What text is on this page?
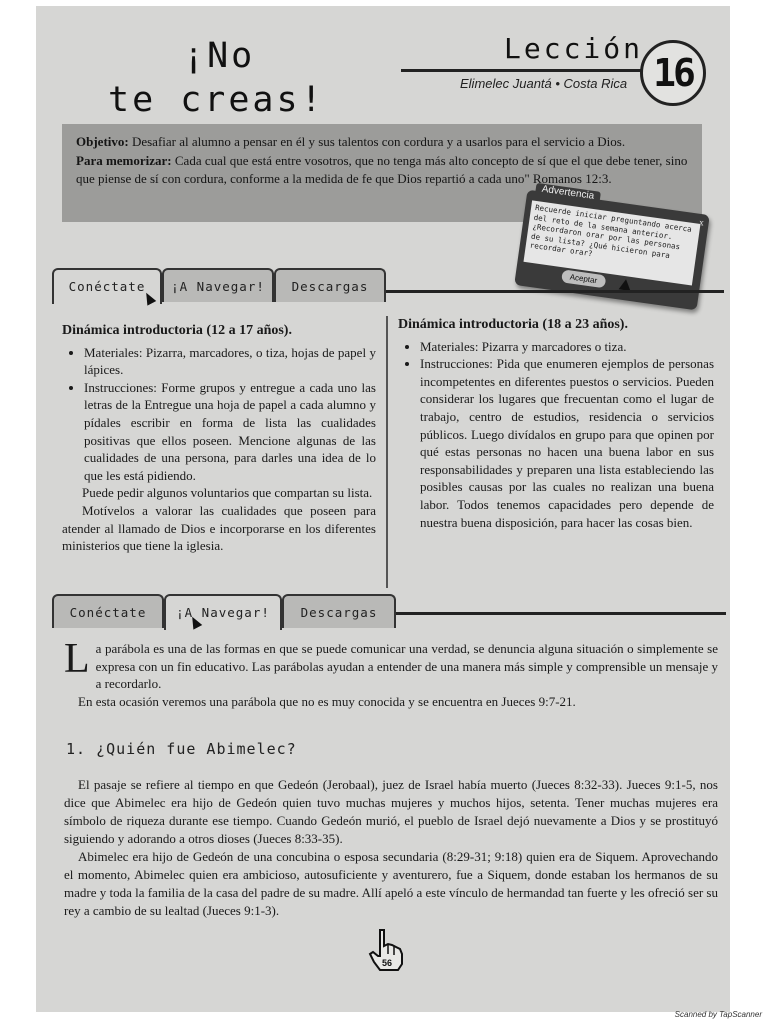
¡No
te creas!
Lección
Elimelec Juantá • Costa Rica 16
Objetivo: Desafiar al alumno a pensar en él y sus talentos con cordura y a usarlos para el servicio a Dios.
Para memorizar: Cada cual que está entre vosotros, que no tenga más alto concepto de sí que el que debe tener, sino que piense de sí con cordura, conforme a la medida de fe que Dios repartió a cada uno" Romanos 12:3.
Advertencia
x
Recuerde iniciar preguntando acerca del reto de la semana anterior. ¿Recordaron orar por las personas de su lista? ¿Qué hicieron para recordar orar?
Aceptar
Conéctate	¡A Navegar!	Descargas
Dinámica introductoria (12 a 17 años).
• Materiales: Pizarra, marcadores, o tiza, hojas de papel y lápices.
• Instrucciones: Forme grupos y entregue a cada uno las letras de la Entregue una hoja de papel a cada alumno y pídales escribir en forma de lista las cualidades positivas que ellos poseen. Mencione algunas de las cualidades de una persona, para darles una idea de lo que les está pidiendo.

Puede pedir algunos voluntarios que compartan su lista.

Motívelos a valorar las cualidades que poseen para atender al llamado de Dios e incorporarse en los diferentes ministerios que tiene la iglesia.

Dinámica introductoria (18 a 23 años).
• Materiales: Pizarra y marcadores o tiza.
• Instrucciones: Pida que enumeren ejemplos de personas incompetentes en diferentes puestos o servicios. Pueden considerar los lugares que frecuentan como el lugar de trabajo, centro de estudios, residencia o servicios públicos. Luego divídalos en grupo para que opinen por qué estas personas no hacen una buena labor en sus responsabilidades y preparen una lista estableciendo las posibles causas por las cuales no realizan una buena labor. Todos tenemos capacidades pero depende de nuestra buena disposición, para hacer las cosas bien.
Conéctate	¡A Navegar!	Descargas

La parábola es una de las formas en que se puede comunicar una verdad, se denuncia alguna situación o simplemente se expresa con un fin educativo. Las parábolas ayudan a entender de una manera más simple y comprensible un mensaje y a recordarlo.

En esta ocasión veremos una parábola que no es muy conocida y se encuentra en Jueces 9:7-21.

1. ¿Quién fue Abimelec?

El pasaje se refiere al tiempo en que Gedeón (Jerobaal), juez de Israel había muerto (Jueces 8:32-33). Jueces 9:1-5, nos dice que Abimelec era hijo de Gedeón quien tuvo muchas mujeres y muchos hijos, setenta. Tener muchas mujeres era símbolo de riqueza durante ese tiempo. Cuando Gedeón murió, el pueblo de Israel dejó nuevamente a Dios y se prostituyó siguiendo y adorando a otros dioses (Jueces 8:33-35).

Abimelec era hijo de Gedeón de una concubina o esposa secundaria (8:29-31; 9:18) quien era de Siquem. Aprovechando el momento, Abimelec quien era ambicioso, autosuficiente y aventurero, fue a Siquem, donde estaban los hermanos de su madre y toda la familia de la casa del padre de su madre. Allí apeló a este vínculo de hermandad tan fuerte y les ofreció ser su rey a cambio de su lealtad (Jueces 9:1-3).

56
Scanned by TapScanner
